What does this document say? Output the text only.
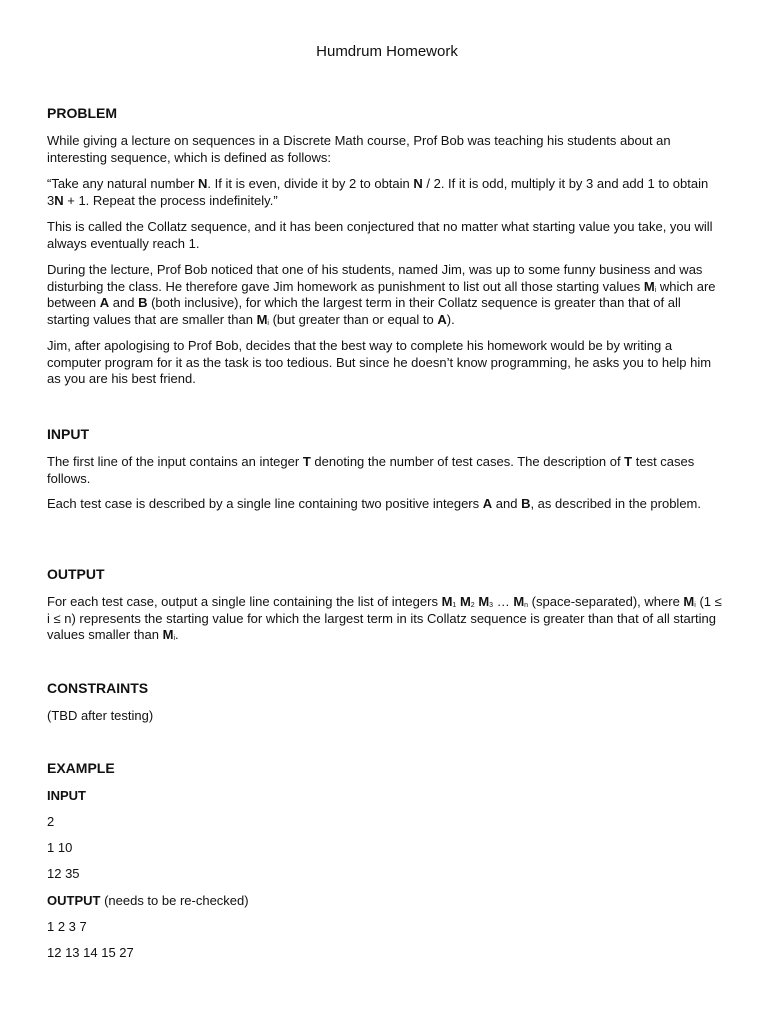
Humdrum Homework
PROBLEM

While giving a lecture on sequences in a Discrete Math course, Prof Bob was teaching his students about an interesting sequence, which is defined as follows:

“Take any natural number N. If it is even, divide it by 2 to obtain N / 2. If it is odd, multiply it by 3 and add 1 to obtain 3N + 1. Repeat the process indefinitely.”

This is called the Collatz sequence, and it has been conjectured that no matter what starting value you take, you will always eventually reach 1.

During the lecture, Prof Bob noticed that one of his students, named Jim, was up to some funny business and was disturbing the class. He therefore gave Jim homework as punishment to list out all those starting values $M_i$ which are between A and B (both inclusive), for which the largest term in their Collatz sequence is greater than that of all starting values that are smaller than $M_i$ (but greater than or equal to A).

Jim, after apologising to Prof Bob, decides that the best way to complete his homework would be by writing a computer program for it as the task is too tedious. But since he doesn’t know programming, he asks you to help him as you are his best friend.

INPUT

The first line of the input contains an integer T denoting the number of test cases. The description of T test cases follows.

Each test case is described by a single line containing two positive integers A and B, as described in the problem.

OUTPUT

For each test case, output a single line containing the list of integers $M_1$ $M_2$ $M_3$ … $M_n$ (space-separated), where $M_i$ (1 ≤ i ≤ n) represents the starting value for which the largest term in its Collatz sequence is greater than that of all starting values smaller than $M_i$.

CONSTRAINTS

(TBD after testing)

EXAMPLE

INPUT

2

1 10

12 35

OUTPUT (needs to be re-checked)

1 2 3 7

12 13 14 15 27
